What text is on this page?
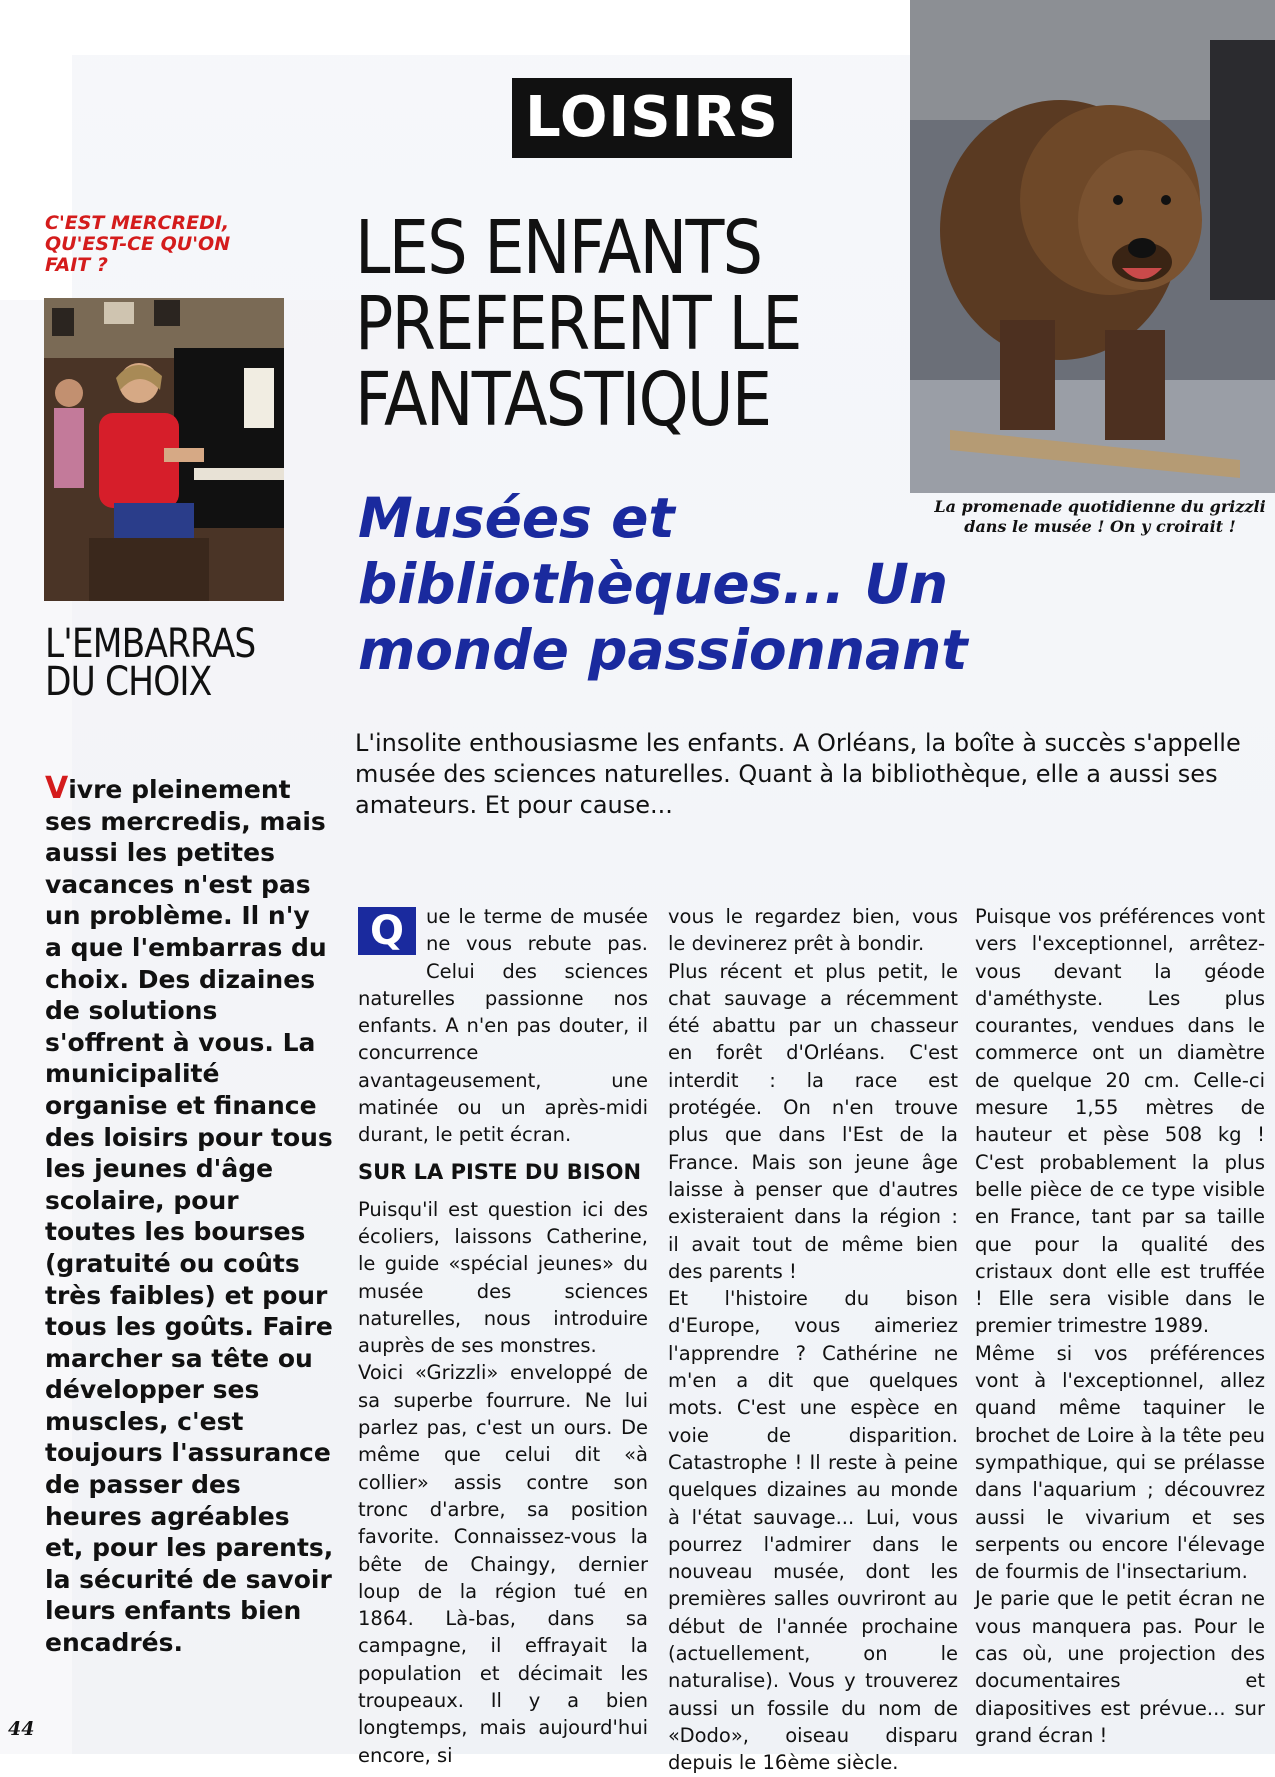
LOISIRS
C'EST MERCREDI, QU'EST-CE QU'ON FAIT ?
La promenade quotidienne du grizzli dans le musée ! On y croirait !
LES ENFANTS PREFERENT LE FANTASTIQUE
Musées et bibliothèques... Un monde passionnant
L'EMBARRAS DU CHOIX
L'insolite enthousiasme les enfants. A Orléans, la boîte à succès s'appelle musée des sciences naturelles. Quant à la bibliothèque, elle a aussi ses amateurs. Et pour cause...
Vivre pleinement ses mercredis, mais aussi les petites vacances n'est pas un problème. Il n'y a que l'embarras du choix. Des dizaines de solutions s'offrent à vous. La municipalité organise et finance des loisirs pour tous les jeunes d'âge scolaire, pour toutes les bourses (gratuité ou coûts très faibles) et pour tous les goûts. Faire marcher sa tête ou développer ses muscles, c'est toujours l'assurance de passer des heures agréables et, pour les parents, la sécurité de savoir leurs enfants bien encadrés.

Q	ue le terme de musée ne vous rebute pas. Celui des sciences naturelles passionne nos enfants. A n'en pas douter, il concurrence avantageusement, une matinée ou un après-midi durant, le petit écran.

SUR LA PISTE DU BISON

Puisqu'il est question ici des écoliers, laissons Catherine, le guide «spécial jeunes» du musée des sciences naturelles, nous introduire auprès de ses monstres.

Voici «Grizzli» enveloppé de sa superbe fourrure. Ne lui parlez pas, c'est un ours. De même que celui dit «à collier» assis contre son tronc d'arbre, sa position favorite. Connaissez-vous la bête de Chaingy, dernier loup de la région tué en 1864. Là-bas, dans sa campagne, il effrayait la population et décimait les troupeaux. Il y a bien longtemps, mais aujourd'hui encore, si

vous le regardez bien, vous le devinerez prêt à bondir.

Plus récent et plus petit, le chat sauvage a récemment été abattu par un chasseur en forêt d'Orléans. C'est interdit : la race est protégée. On n'en trouve plus que dans l'Est de la France. Mais son jeune âge laisse à penser que d'autres existeraient dans la région : il avait tout de même bien des parents !

Et l'histoire du bison d'Europe, vous aimeriez l'apprendre ? Cathérine ne m'en a dit que quelques mots. C'est une espèce en voie de disparition. Catastrophe ! Il reste à peine quelques dizaines au monde à l'état sauvage... Lui, vous pourrez l'admirer dans le nouveau musée, dont les premières salles ouvriront au début de l'année prochaine (actuellement, on le naturalise). Vous y trouverez aussi un fossile du nom de «Dodo», oiseau disparu depuis le 16ème siècle.

Puisque vos préférences vont vers l'exceptionnel, arrêtez-vous devant la géode d'améthyste. Les plus courantes, vendues dans le commerce ont un diamètre de quelque 20 cm. Celle-ci mesure 1,55 mètres de hauteur et pèse 508 kg ! C'est probablement la plus belle pièce de ce type visible en France, tant par sa taille que pour la qualité des cristaux dont elle est truffée ! Elle sera visible dans le premier trimestre 1989.

Même si vos préférences vont à l'exceptionnel, allez quand même taquiner le brochet de Loire à la tête peu sympathique, qui se prélasse dans l'aquarium ; découvrez aussi le vivarium et ses serpents ou encore l'élevage de fourmis de l'insectarium.

Je parie que le petit écran ne vous manquera pas. Pour le cas où, une projection des documentaires et diapositives est prévue... sur grand écran !

44
